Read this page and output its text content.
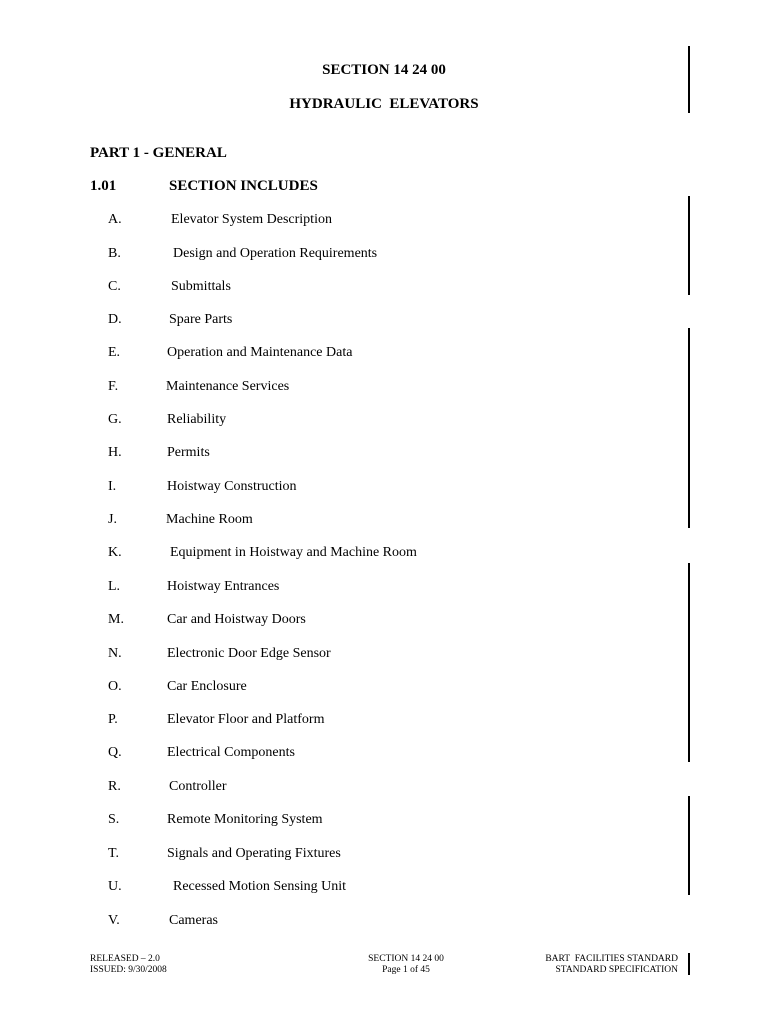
SECTION 14 24 00
HYDRAULIC  ELEVATORS
PART 1 - GENERAL
1.01	SECTION INCLUDES
A.	Elevator System Description
B.	Design and Operation Requirements
C.	Submittals
D.	Spare Parts
E.	Operation and Maintenance Data
F.	Maintenance Services
G.	Reliability
H.	Permits
I.	Hoistway Construction
J.	Machine Room
K.	Equipment in Hoistway and Machine Room
L.	Hoistway Entrances
M.	Car and Hoistway Doors
N.	Electronic Door Edge Sensor
O.	Car Enclosure
P.	Elevator Floor and Platform
Q.	Electrical Components
R.	Controller
S.	Remote Monitoring System
T.	Signals and Operating Fixtures
U.	Recessed Motion Sensing Unit
V.	Cameras
RELEASED – 2.0
ISSUED: 9/30/2008
SECTION 14 24 00
Page 1 of 45
BART  FACILITIES STANDARD
STANDARD SPECIFICATION
